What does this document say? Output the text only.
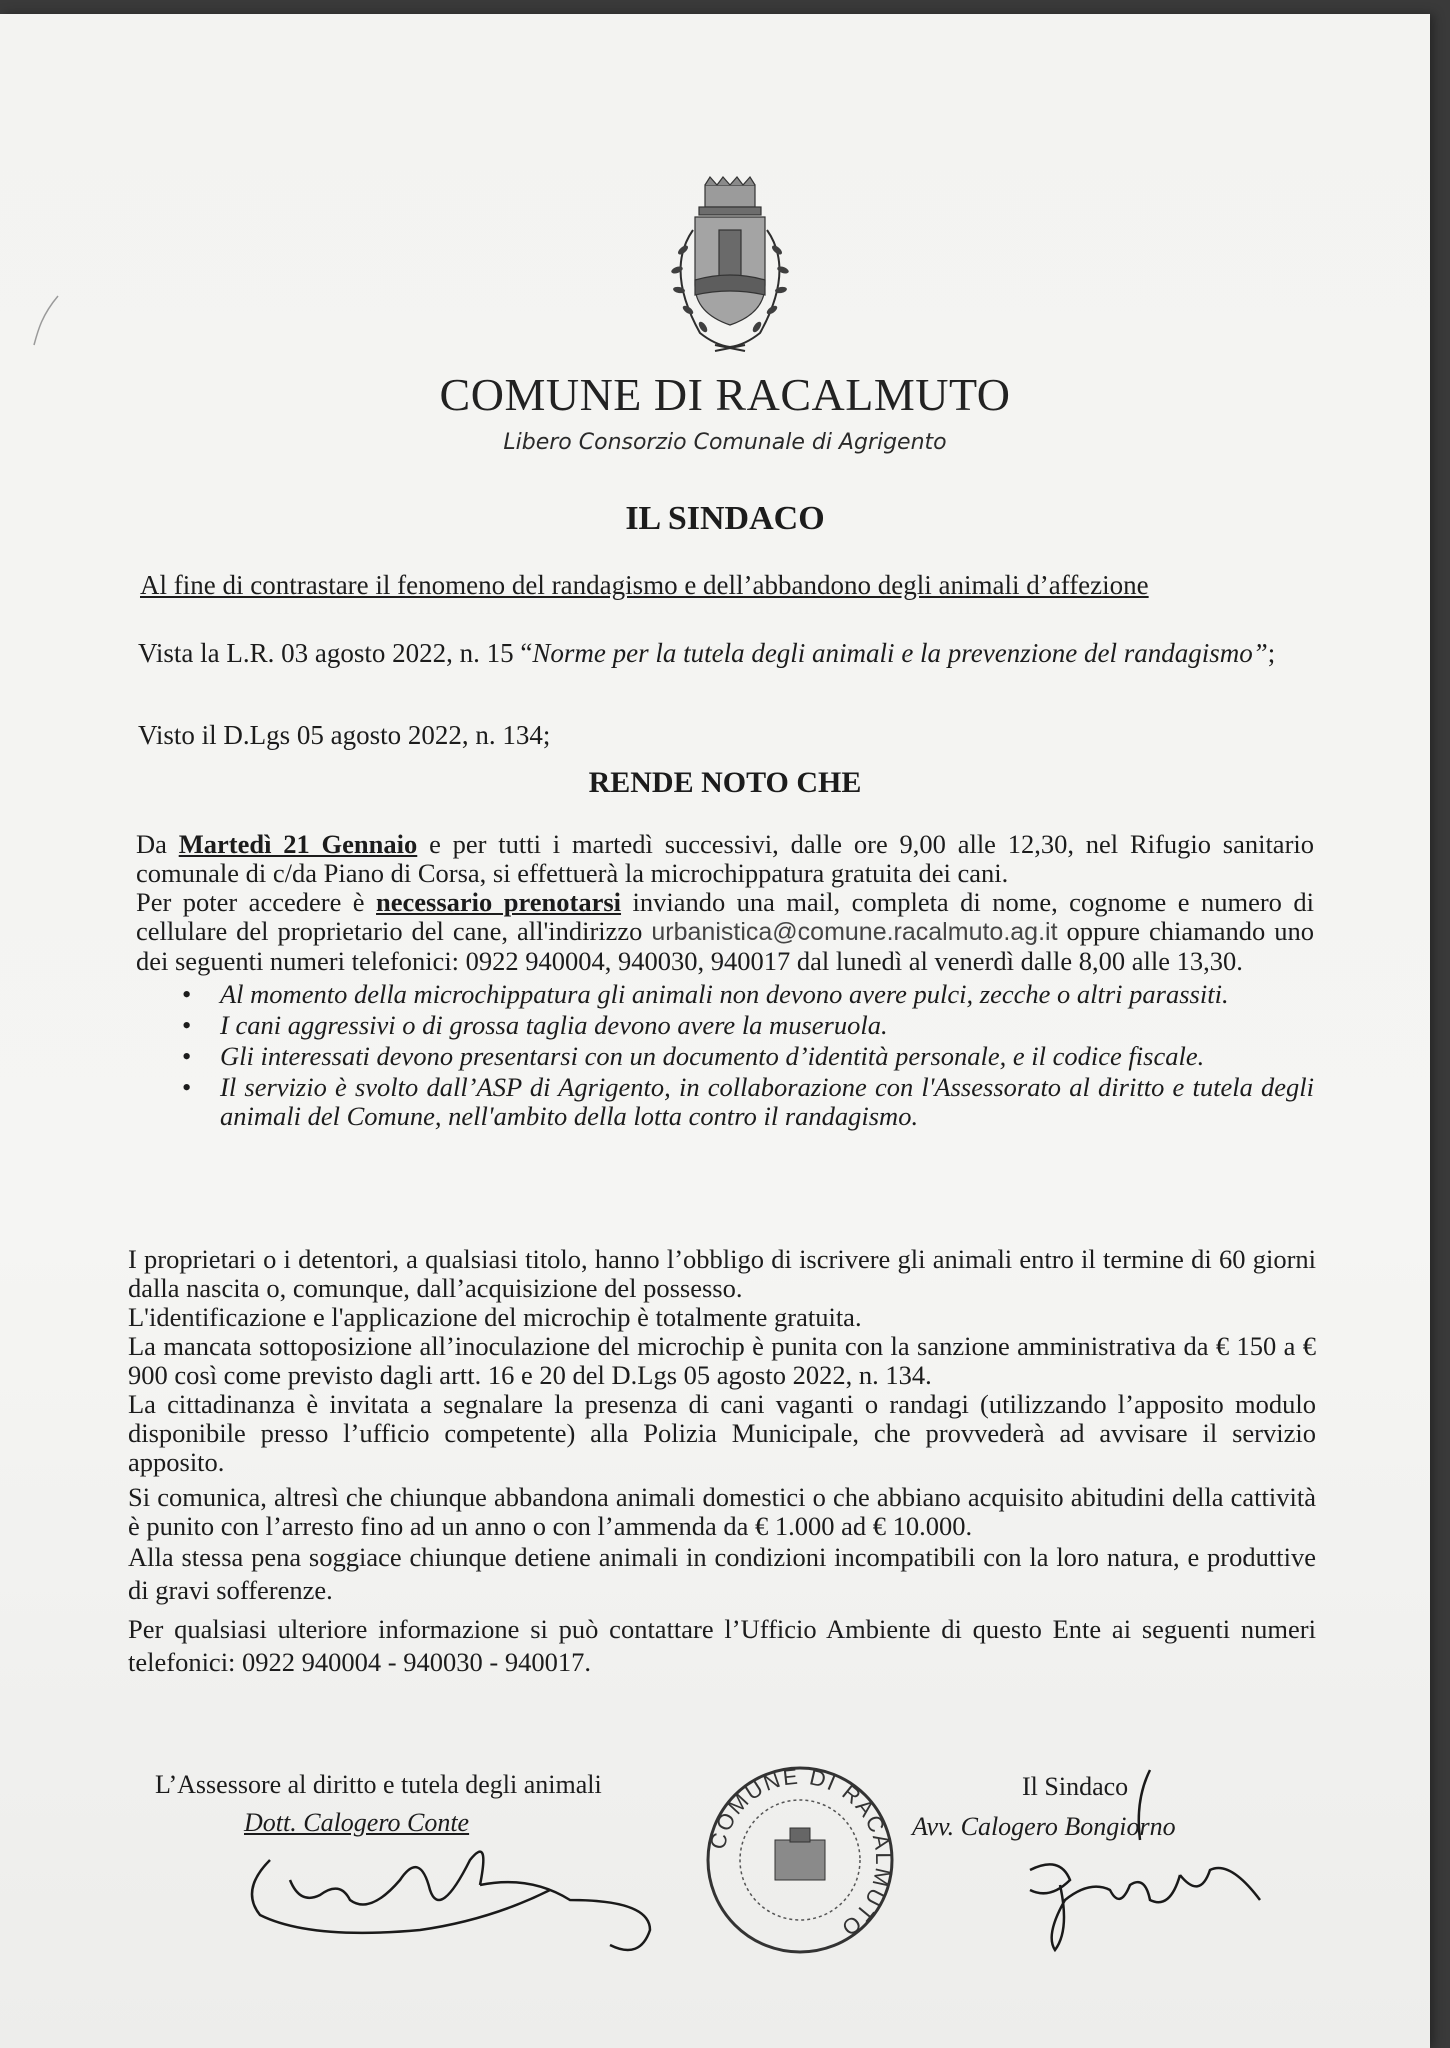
COMUNE DI RACALMUTO
Libero Consorzio Comunale di Agrigento
IL SINDACO
Al fine di contrastare il fenomeno del randagismo e dell’abbandono degli animali d’affezione
Vista la L.R. 03 agosto 2022, n. 15 “Norme per la tutela degli animali e la prevenzione del randagismo”;
Visto il D.Lgs 05 agosto 2022, n. 134;
RENDE NOTO CHE

Da Martedì 21 Gennaio e per tutti i martedì successivi, dalle ore 9,00 alle 12,30, nel Rifugio sanitario comunale di c/da Piano di Corsa, si effettuerà la microchippatura gratuita dei cani.

Per poter accedere è necessario prenotarsi inviando una mail, completa di nome, cognome e numero di cellulare del proprietario del cane, all'indirizzo urbanistica@comune.racalmuto.ag.it oppure chiamando uno dei seguenti numeri telefonici: 0922 940004, 940030, 940017 dal lunedì al venerdì dalle 8,00 alle 13,30.

• Al momento della microchippatura gli animali non devono avere pulci, zecche o altri parassiti.
• I cani aggressivi o di grossa taglia devono avere la museruola.
• Gli interessati devono presentarsi con un documento d’identità personale, e il codice fiscale.
• Il servizio è svolto dall’ASP di Agrigento, in collaborazione con l'Assessorato al diritto e tutela degli animali del Comune, nell'ambito della lotta contro il randagismo.

I proprietari o i detentori, a qualsiasi titolo, hanno l’obbligo di iscrivere gli animali entro il termine di 60 giorni dalla nascita o, comunque, dall’acquisizione del possesso.

L'identificazione e l'applicazione del microchip è totalmente gratuita.

La mancata sottoposizione all’inoculazione del microchip è punita con la sanzione amministrativa da € 150 a € 900 così come previsto dagli artt. 16 e 20 del D.Lgs 05 agosto 2022, n. 134.

La cittadinanza è invitata a segnalare la presenza di cani vaganti o randagi (utilizzando l’apposito modulo disponibile presso l’ufficio competente) alla Polizia Municipale, che provvederà ad avvisare il servizio apposito.

Si comunica, altresì che chiunque abbandona animali domestici o che abbiano acquisito abitudini della cattività è punito con l’arresto fino ad un anno o con l’ammenda da € 1.000 ad € 10.000.

Alla stessa pena soggiace chiunque detiene animali in condizioni incompatibili con la loro natura, e produttive di gravi sofferenze.

Per qualsiasi ulteriore informazione si può contattare l’Ufficio Ambiente di questo Ente ai seguenti numeri telefonici: 0922 940004 - 940030 - 940017.

L’Assessore al diritto e tutela degli animali
Dott. Calogero Conte
COMUNE DI RACALMUTO
Il Sindaco
Avv. Calogero Bongiorno
